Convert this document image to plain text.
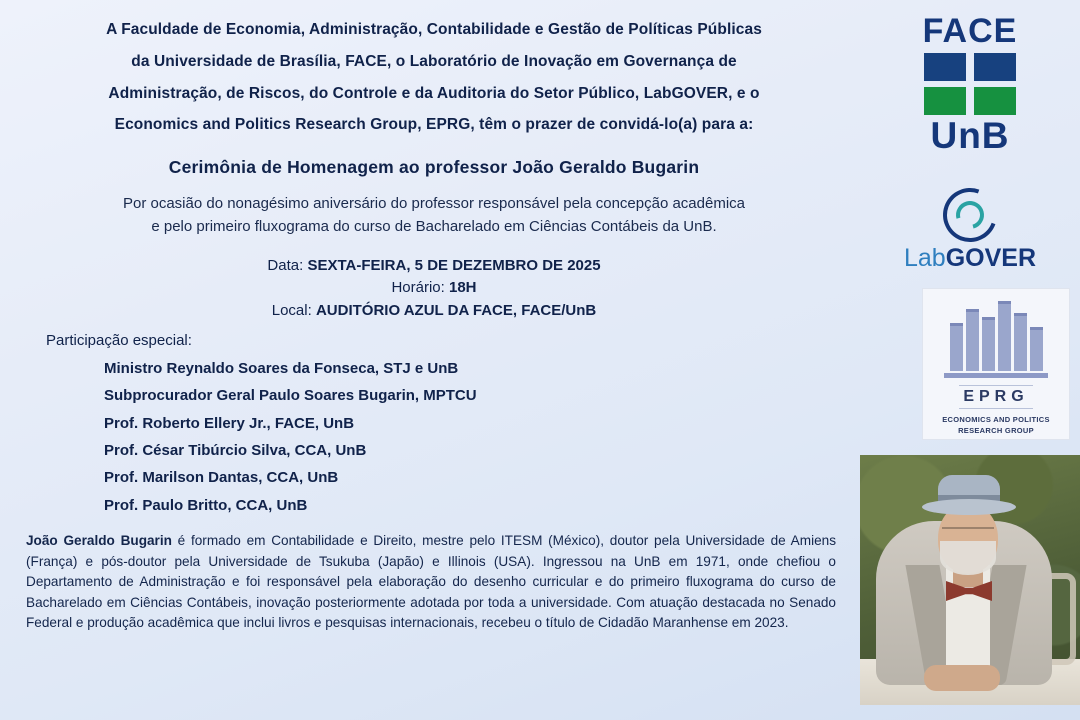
A Faculdade de Economia, Administração, Contabilidade e Gestão de Políticas Públicas
da Universidade de Brasília, FACE, o Laboratório de Inovação em Governança de
Administração, de Riscos, do Controle e da Auditoria do Setor Público, LabGOVER, e o
Economics and Politics Research Group, EPRG, têm o prazer de convidá-lo(a) para a:
Cerimônia de Homenagem ao professor João Geraldo Bugarin
Por ocasião do nonagésimo aniversário do professor responsável pela concepção acadêmica
e pelo primeiro fluxograma do curso de Bacharelado em Ciências Contábeis da UnB.
Data: SEXTA-FEIRA, 5 DE DEZEMBRO DE 2025
Horário: 18H
Local: AUDITÓRIO AZUL DA FACE, FACE/UnB
Participação especial:
Ministro Reynaldo Soares da Fonseca, STJ e UnB
Subprocurador Geral Paulo Soares Bugarin, MPTCU
Prof. Roberto Ellery Jr., FACE, UnB
Prof. César Tibúrcio Silva, CCA, UnB
Prof. Marilson Dantas, CCA, UnB
Prof. Paulo Britto, CCA, UnB
João Geraldo Bugarin é formado em Contabilidade e Direito, mestre pelo ITESM (México), doutor pela Universidade de Amiens (França) e pós-doutor pela Universidade de Tsukuba (Japão) e Illinois (USA). Ingressou na UnB em 1971, onde chefiou o Departamento de Administração e foi responsável pela elaboração do desenho curricular e do primeiro fluxograma do curso de Bacharelado em Ciências Contábeis, inovação posteriormente adotada por toda a universidade. Com atuação destacada no Senado Federal e produção acadêmica que inclui livros e pesquisas internacionais, recebeu o título de Cidadão Maranhense em 2023.
FACE
UnB
LabGOVER
EPRG
ECONOMICS AND POLITICS
RESEARCH GROUP
